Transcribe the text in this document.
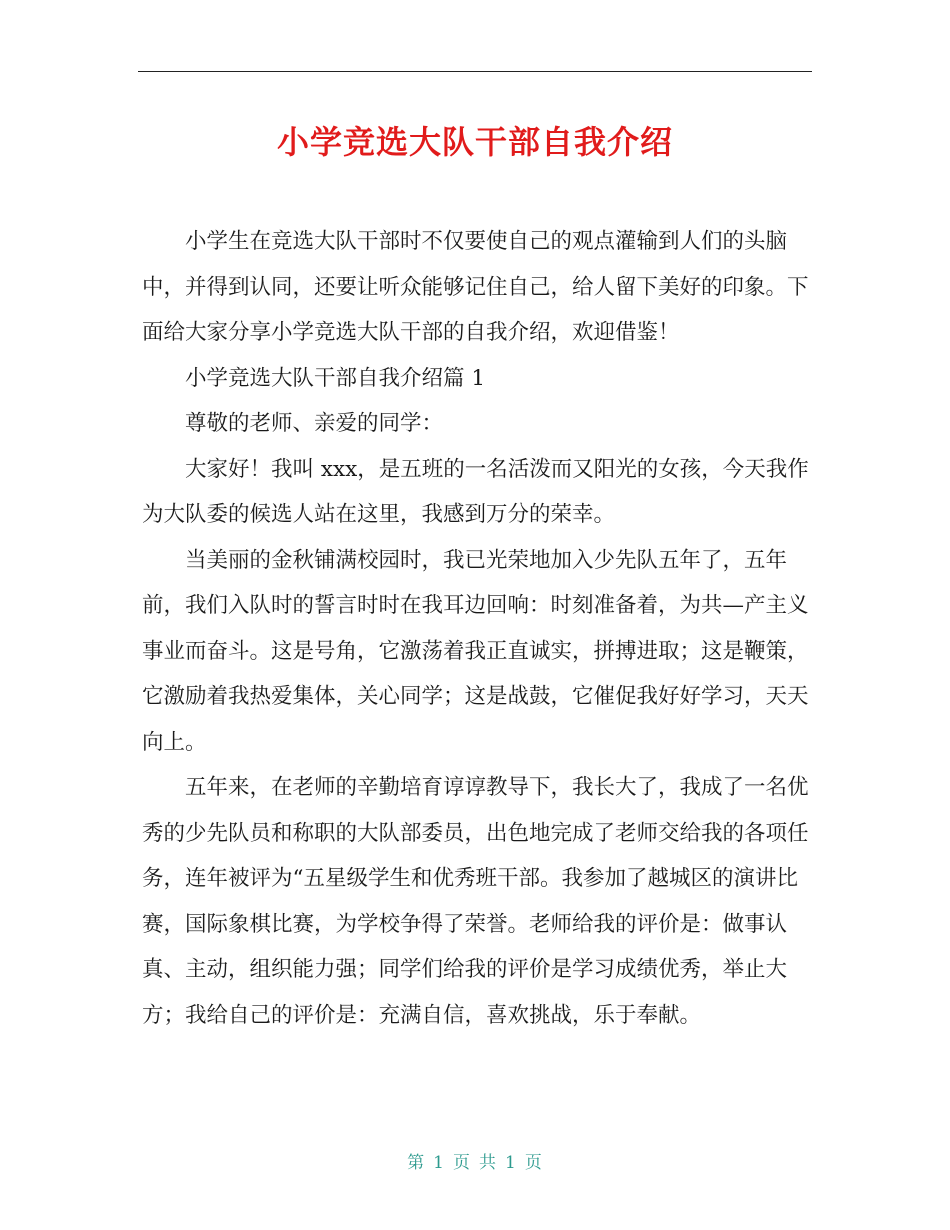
小学竞选大队干部自我介绍

小学生在竞选大队干部时不仅要使自己的观点灌输到人们的头脑中，并得到认同，还要让听众能够记住自己，给人留下美好的印象。下面给大家分享小学竞选大队干部的自我介绍，欢迎借鉴！

小学竞选大队干部自我介绍篇 1

尊敬的老师、亲爱的同学：

大家好！我叫 xxx，是五班的一名活泼而又阳光的女孩，今天我作为大队委的候选人站在这里，我感到万分的荣幸。

当美丽的金秋铺满校园时，我已光荣地加入少先队五年了，五年前，我们入队时的誓言时时在我耳边回响：时刻准备着，为共—产主义事业而奋斗。这是号角，它激荡着我正直诚实，拼搏进取；这是鞭策，它激励着我热爱集体，关心同学；这是战鼓，它催促我好好学习，天天向上。

五年来，在老师的辛勤培育谆谆教导下，我长大了，我成了一名优秀的少先队员和称职的大队部委员，出色地完成了老师交给我的各项任务，连年被评为“五星级学生和优秀班干部。我参加了越城区的演讲比赛，国际象棋比赛，为学校争得了荣誉。老师给我的评价是：做事认真、主动，组织能力强；同学们给我的评价是学习成绩优秀，举止大方；我给自己的评价是：充满自信，喜欢挑战，乐于奉献。

第 1 页 共 1 页
